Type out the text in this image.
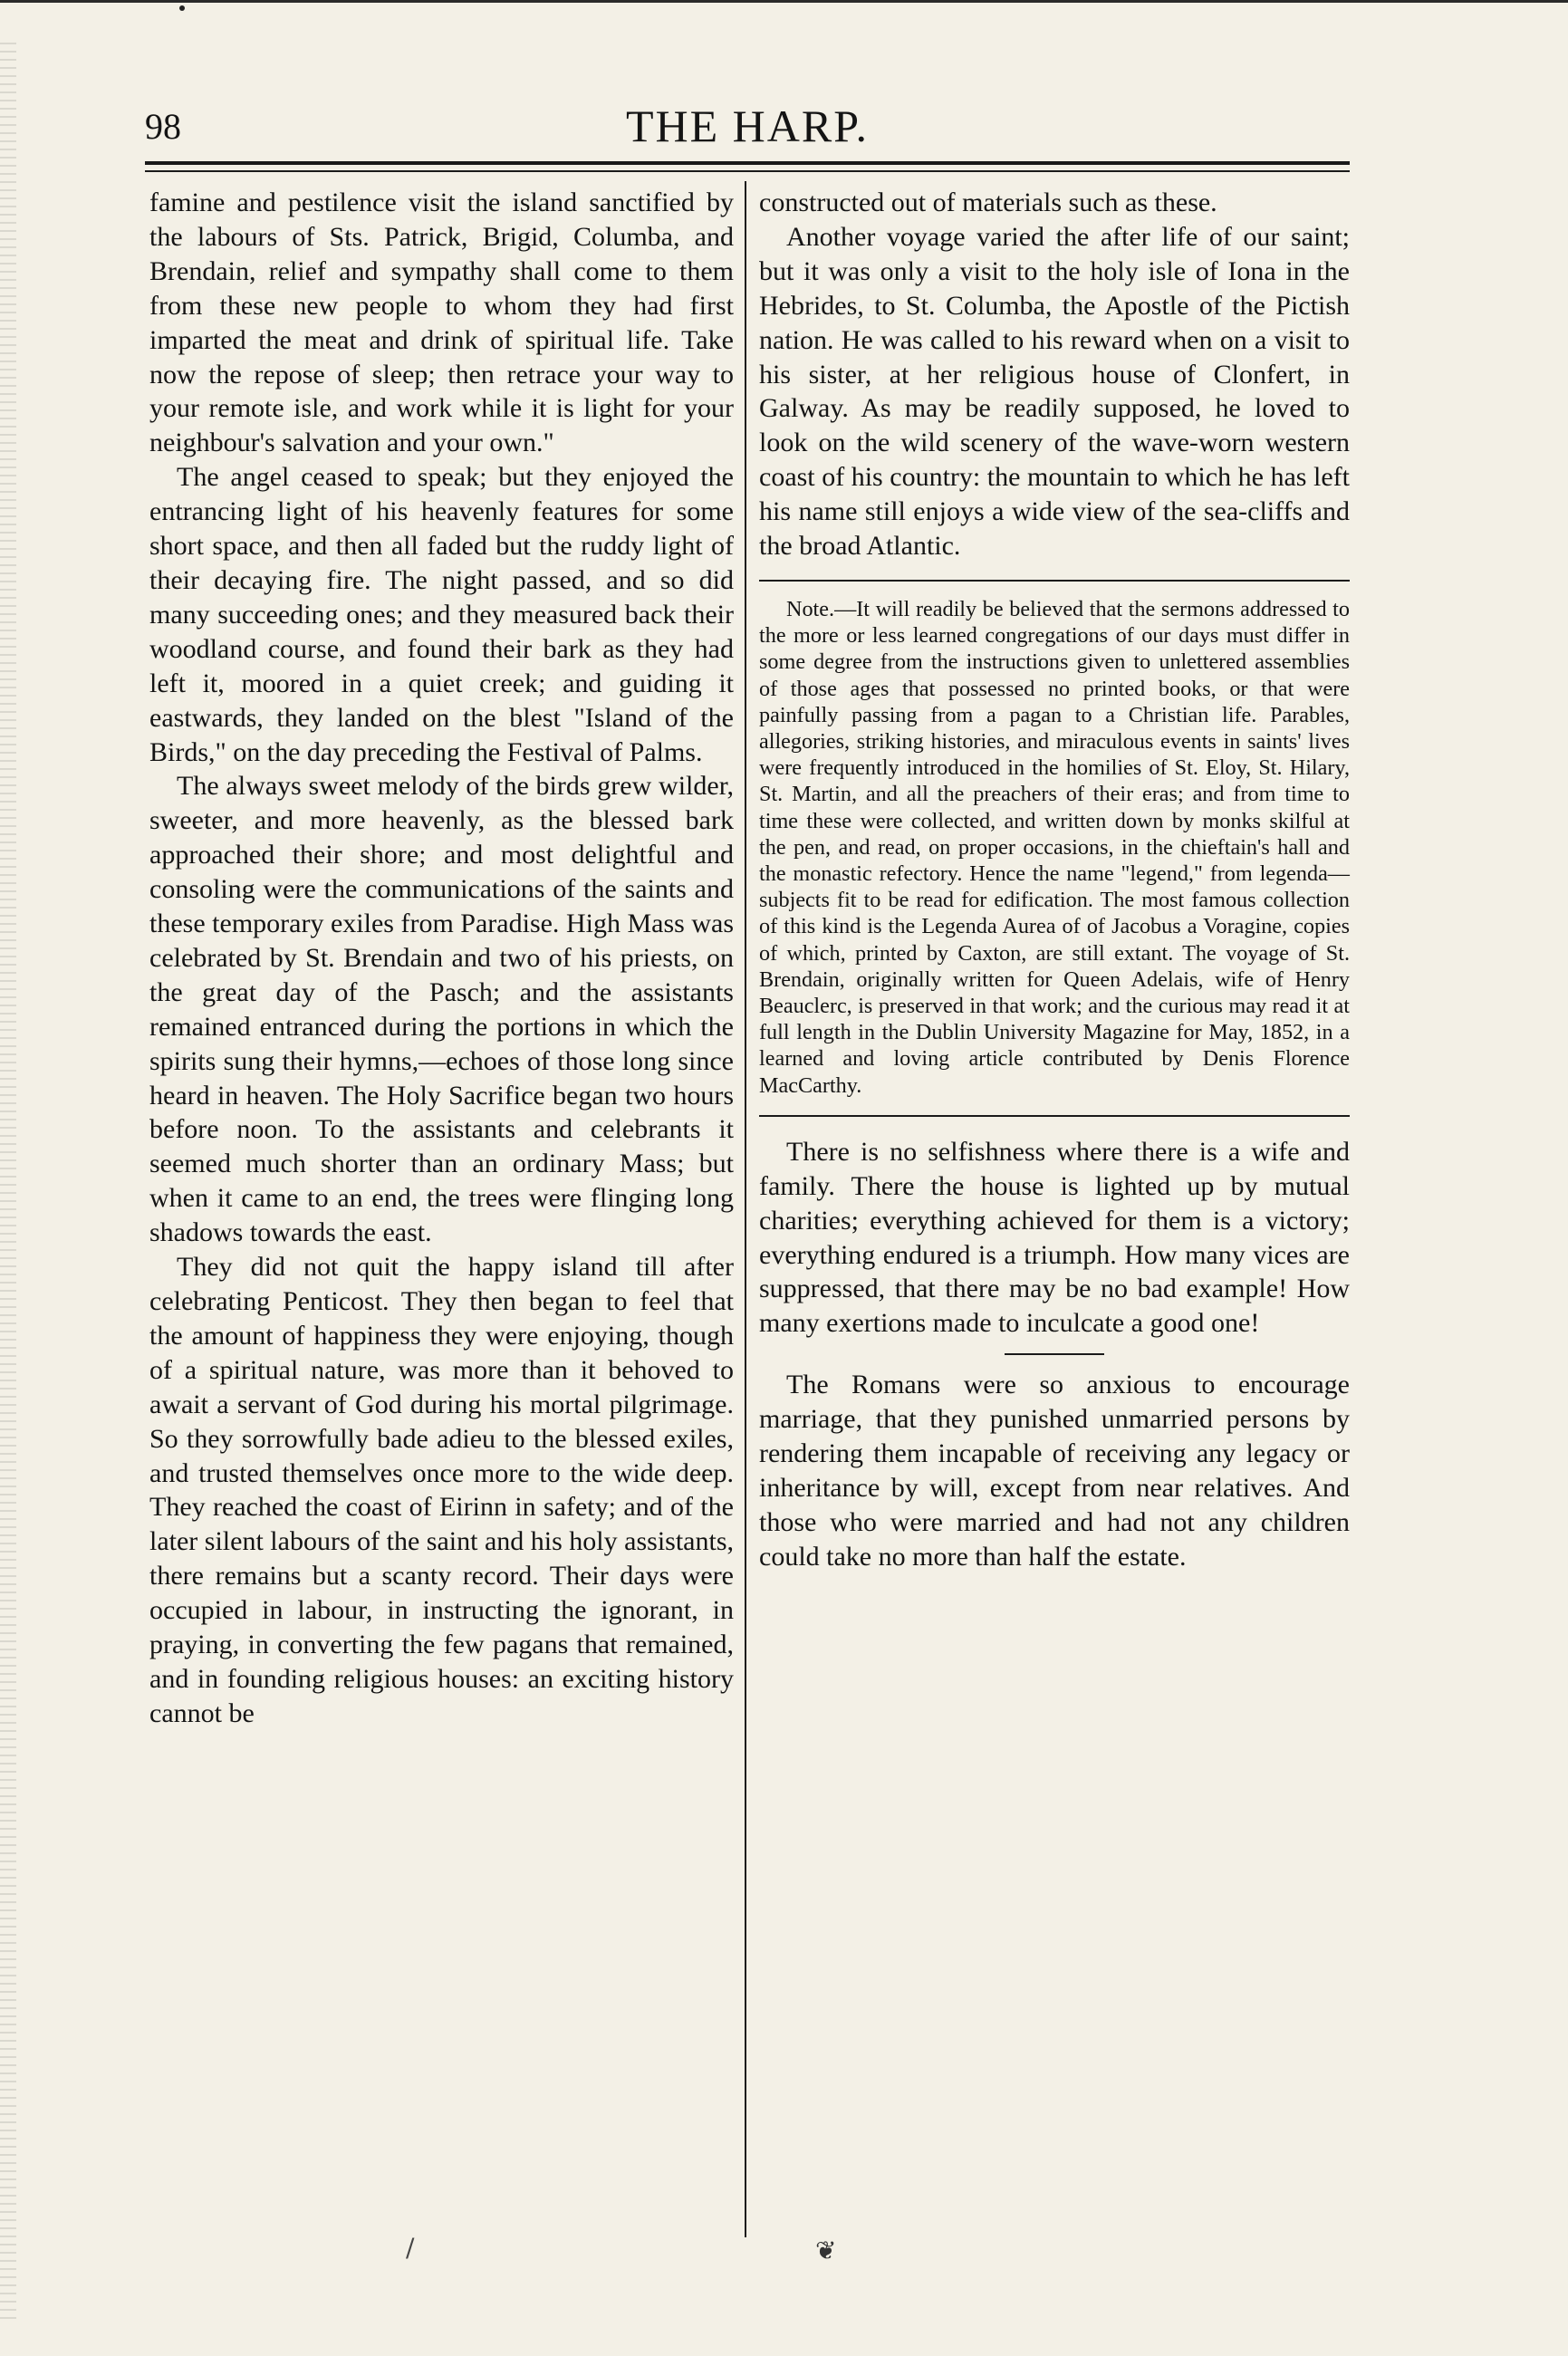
98	THE HARP.

famine and pestilence visit the island sanctified by the labours of Sts. Patrick, Brigid, Columba, and Brendain, relief and sympathy shall come to them from these new people to whom they had first imparted the meat and drink of spiritual life. Take now the repose of sleep; then retrace your way to your remote isle, and work while it is light for your neighbour's salvation and your own."

The angel ceased to speak; but they enjoyed the entrancing light of his heavenly features for some short space, and then all faded but the ruddy light of their decaying fire. The night passed, and so did many succeeding ones; and they measured back their woodland course, and found their bark as they had left it, moored in a quiet creek; and guiding it eastwards, they landed on the blest "Island of the Birds," on the day preceding the Festival of Palms.

The always sweet melody of the birds grew wilder, sweeter, and more heavenly, as the blessed bark approached their shore; and most delightful and consoling were the communications of the saints and these temporary exiles from Paradise. High Mass was celebrated by St. Brendain and two of his priests, on the great day of the Pasch; and the assistants remained entranced during the portions in which the spirits sung their hymns,—echoes of those long since heard in heaven. The Holy Sacrifice began two hours before noon. To the assistants and celebrants it seemed much shorter than an ordinary Mass; but when it came to an end, the trees were flinging long shadows towards the east.

They did not quit the happy island till after celebrating Penticost. They then began to feel that the amount of happiness they were enjoying, though of a spiritual nature, was more than it behoved to await a servant of God during his mortal pilgrimage. So they sorrowfully bade adieu to the blessed exiles, and trusted themselves once more to the wide deep. They reached the coast of Eirinn in safety; and of the later silent labours of the saint and his holy assistants, there remains but a scanty record. Their days were occupied in labour, in instructing the ignorant, in praying, in converting the few pagans that remained, and in founding religious houses: an exciting history cannot be

constructed out of materials such as these.

Another voyage varied the after life of our saint; but it was only a visit to the holy isle of Iona in the Hebrides, to St. Columba, the Apostle of the Pictish nation. He was called to his reward when on a visit to his sister, at her religious house of Clonfert, in Galway. As may be readily supposed, he loved to look on the wild scenery of the wave-worn western coast of his country: the mountain to which he has left his name still enjoys a wide view of the sea-cliffs and the broad Atlantic.

Note.—It will readily be believed that the sermons addressed to the more or less learned congregations of our days must differ in some degree from the instructions given to unlettered assemblies of those ages that possessed no printed books, or that were painfully passing from a pagan to a Christian life. Parables, allegories, striking histories, and miraculous events in saints' lives were frequently introduced in the homilies of St. Eloy, St. Hilary, St. Martin, and all the preachers of their eras; and from time to time these were collected, and written down by monks skilful at the pen, and read, on proper occasions, in the chieftain's hall and the monastic refectory. Hence the name "legend," from legenda—subjects fit to be read for edification. The most famous collection of this kind is the Legenda Aurea of of Jacobus a Voragine, copies of which, printed by Caxton, are still extant. The voyage of St. Brendain, originally written for Queen Adelais, wife of Henry Beauclerc, is preserved in that work; and the curious may read it at full length in the Dublin University Magazine for May, 1852, in a learned and loving article contributed by Denis Florence MacCarthy.

There is no selfishness where there is a wife and family. There the house is lighted up by mutual charities; everything achieved for them is a victory; everything endured is a triumph. How many vices are suppressed, that there may be no bad example! How many exertions made to inculcate a good one!

The Romans were so anxious to encourage marriage, that they punished unmarried persons by rendering them incapable of receiving any legacy or inheritance by will, except from near relatives. And those who were married and had not any children could take no more than half the estate.

/	❦
